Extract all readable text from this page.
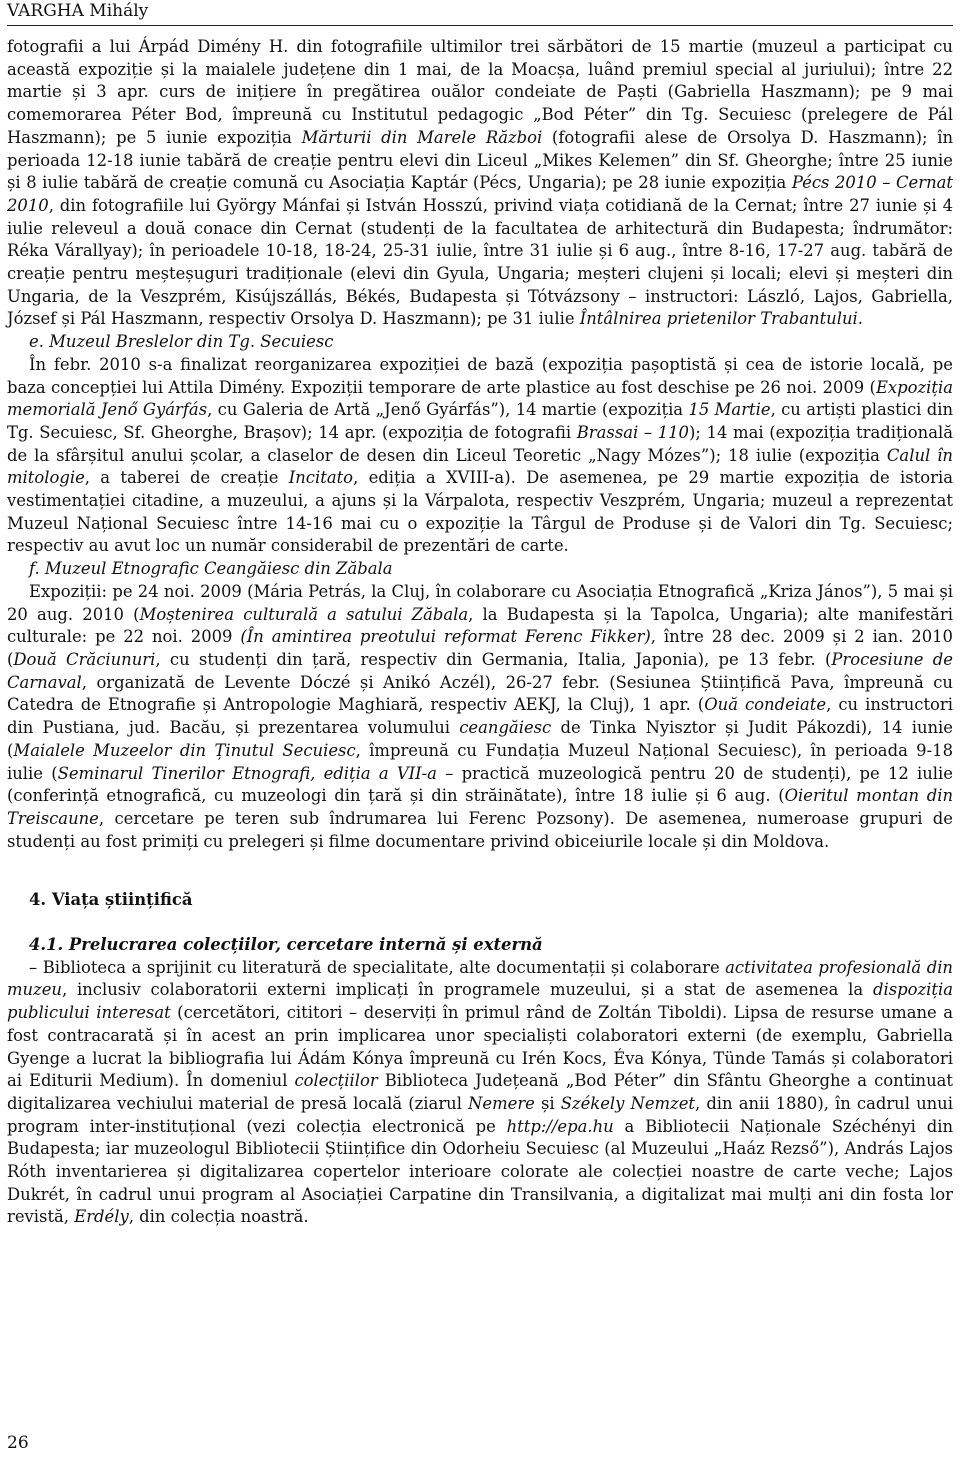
VARGHA Mihály

fotografii a lui Árpád Dimény H. din fotografiile ultimilor trei sărbători de 15 martie (muzeul a participat cu această expoziție și la maialele județene din 1 mai, de la Moacșa, luând premiul special al juriului); între 22 martie și 3 apr. curs de inițiere în pregătirea ouălor condeiate de Paști (Gabriella Haszmann); pe 9 mai comemorarea Péter Bod, împreună cu Institutul pedagogic „Bod Péter” din Tg. Secuiesc (prelegere de Pál Haszmann); pe 5 iunie expoziția Mărturii din Marele Război (fotografii alese de Orsolya D. Haszmann); în perioada 12-18 iunie tabără de creație pentru elevi din Liceul „Mikes Kelemen” din Sf. Gheorghe; între 25 iunie și 8 iulie tabără de creație comună cu Asociația Kaptár (Pécs, Ungaria); pe 28 iunie expoziția Pécs 2010 – Cernat 2010, din fotografiile lui György Mánfai și István Hosszú, privind viața cotidiană de la Cernat; între 27 iunie și 4 iulie releveul a două conace din Cernat (studenți de la facultatea de arhitectură din Budapesta; îndrumător: Réka Várallyay); în perioadele 10-18, 18-24, 25-31 iulie, între 31 iulie și 6 aug., între 8-16, 17-27 aug. tabără de creație pentru meșteșuguri tradiționale (elevi din Gyula, Ungaria; meșteri clujeni și locali; elevi și meșteri din Ungaria, de la Veszprém, Kisújszállás, Békés, Budapesta și Tótvázsony – instructori: László, Lajos, Gabriella, József și Pál Haszmann, respectiv Orsolya D. Haszmann); pe 31 iulie Întâlnirea prietenilor Trabantului.

e. Muzeul Breslelor din Tg. Secuiesc

În febr. 2010 s-a finalizat reorganizarea expoziției de bază (expoziția pașoptistă și cea de istorie locală, pe baza concepției lui Attila Dimény. Expoziții temporare de arte plastice au fost deschise pe 26 noi. 2009 (Expoziția memorială Jenő Gyárfás, cu Galeria de Artă „Jenő Gyárfás”), 14 martie (expoziția 15 Martie, cu artiști plastici din Tg. Secuiesc, Sf. Gheorghe, Brașov); 14 apr. (expoziția de fotografii Brassai – 110); 14 mai (expoziția tradițională de la sfârșitul anului școlar, a claselor de desen din Liceul Teoretic „Nagy Mózes”); 18 iulie (expoziția Calul în mitologie, a taberei de creație Incitato, ediția a XVIII-a). De asemenea, pe 29 martie expoziția de istoria vestimentației citadine, a muzeului, a ajuns și la Várpalota, respectiv Veszprém, Ungaria; muzeul a reprezentat Muzeul Național Secuiesc între 14-16 mai cu o expoziție la Târgul de Produse și de Valori din Tg. Secuiesc; respectiv au avut loc un număr considerabil de prezentări de carte.

f. Muzeul Etnografic Ceangăiesc din Zăbala

Expoziții: pe 24 noi. 2009 (Mária Petrás, la Cluj, în colaborare cu Asociația Etnografică „Kriza János”), 5 mai și 20 aug. 2010 (Moștenirea culturală a satului Zăbala, la Budapesta și la Tapolca, Ungaria); alte manifestări culturale: pe 22 noi. 2009 (În amintirea preotului reformat Ferenc Fikker), între 28 dec. 2009 și 2 ian. 2010 (Două Crăciunuri, cu studenți din țară, respectiv din Germania, Italia, Japonia), pe 13 febr. (Procesiune de Carnaval, organizată de Levente Dóczé și Anikó Aczél), 26-27 febr. (Sesiunea Științifică Pava, împreună cu Catedra de Etnografie și Antropologie Maghiară, respectiv AEKJ, la Cluj), 1 apr. (Ouă condeiate, cu instructori din Pustiana, jud. Bacău, și prezentarea volumului ceangăiesc de Tinka Nyisztor și Judit Pákozdi), 14 iunie (Maialele Muzeelor din Ținutul Secuiesc, împreună cu Fundația Muzeul Național Secuiesc), în perioada 9-18 iulie (Seminarul Tinerilor Etnografi, ediția a VII-a – practică muzeologică pentru 20 de studenți), pe 12 iulie (conferință etnografică, cu muzeologi din țară și din străinătate), între 18 iulie și 6 aug. (Oieritul montan din Treiscaune, cercetare pe teren sub îndrumarea lui Ferenc Pozsony). De asemenea, numeroase grupuri de studenți au fost primiți cu prelegeri și filme documentare privind obiceiurile locale și din Moldova.

4. Viața științifică

4.1. Prelucrarea colecțiilor, cercetare internă și externă

– Biblioteca a sprijinit cu literatură de specialitate, alte documentații și colaborare activitatea profesională din muzeu, inclusiv colaboratorii externi implicați în programele muzeului, și a stat de asemenea la dispoziția publicului interesat (cercetători, cititori – deserviți în primul rând de Zoltán Tiboldi). Lipsa de resurse umane a fost contracarată și în acest an prin implicarea unor specialiști colaboratori externi (de exemplu, Gabriella Gyenge a lucrat la bibliografia lui Ádám Kónya împreună cu Irén Kocs, Éva Kónya, Tünde Tamás și colaboratori ai Editurii Medium). În domeniul colecțiilor Biblioteca Județeană „Bod Péter” din Sfântu Gheorghe a continuat digitalizarea vechiului material de presă locală (ziarul Nemere și Székely Nemzet, din anii 1880), în cadrul unui program inter-instituțional (vezi colecția electronică pe http://epa.hu a Bibliotecii Naționale Széchényi din Budapesta; iar muzeologul Bibliotecii Științifice din Odorheiu Secuiesc (al Muzeului „Haáz Rezső”), András Lajos Róth inventarierea și digitalizarea copertelor interioare colorate ale colecției noastre de carte veche; Lajos Dukrét, în cadrul unui program al Asociației Carpatine din Transilvania, a digitalizat mai mulți ani din fosta lor revistă, Erdély, din colecția noastră.

26
